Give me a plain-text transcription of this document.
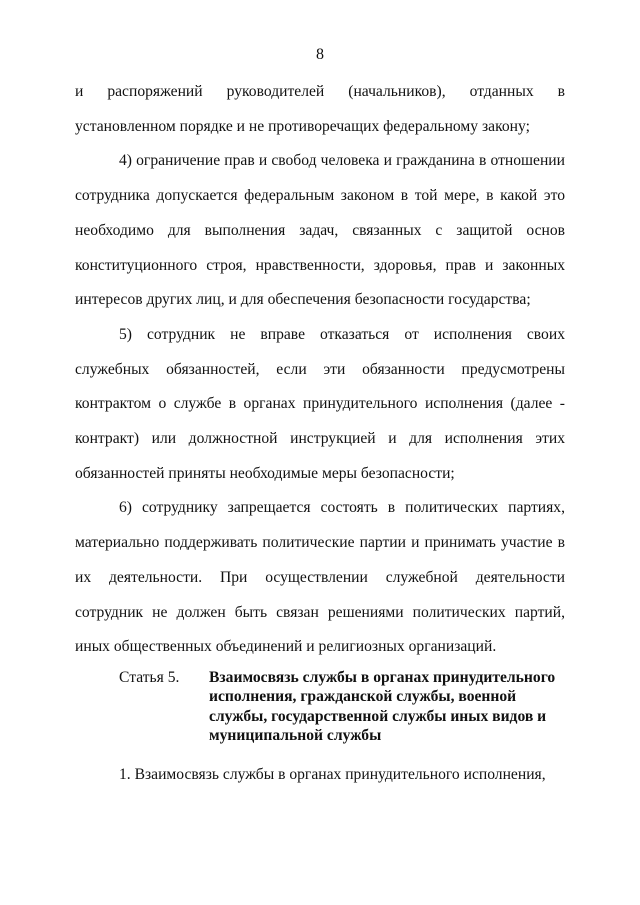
8

и распоряжений руководителей (начальников), отданных в установленном порядке и не противоречащих федеральному закону;

4) ограничение прав и свобод человека и гражданина в отношении сотрудника допускается федеральным законом в той мере, в какой это необходимо для выполнения задач, связанных с защитой основ конституционного строя, нравственности, здоровья, прав и законных интересов других лиц, и для обеспечения безопасности государства;

5) сотрудник не вправе отказаться от исполнения своих служебных обязанностей, если эти обязанности предусмотрены контрактом о службе в органах принудительного исполнения (далее - контракт) или должностной инструкцией и для исполнения этих обязанностей приняты необходимые меры безопасности;

6) сотруднику запрещается состоять в политических партиях, материально поддерживать политические партии и принимать участие в их деятельности. При осуществлении служебной деятельности сотрудник не должен быть связан решениями политических партий, иных общественных объединений и религиозных организаций.

Статья 5.	Взаимосвязь службы в органах принудительного исполнения, гражданской службы, военной службы, государственной службы иных видов и муниципальной службы

1. Взаимосвязь службы в органах принудительного исполнения,
